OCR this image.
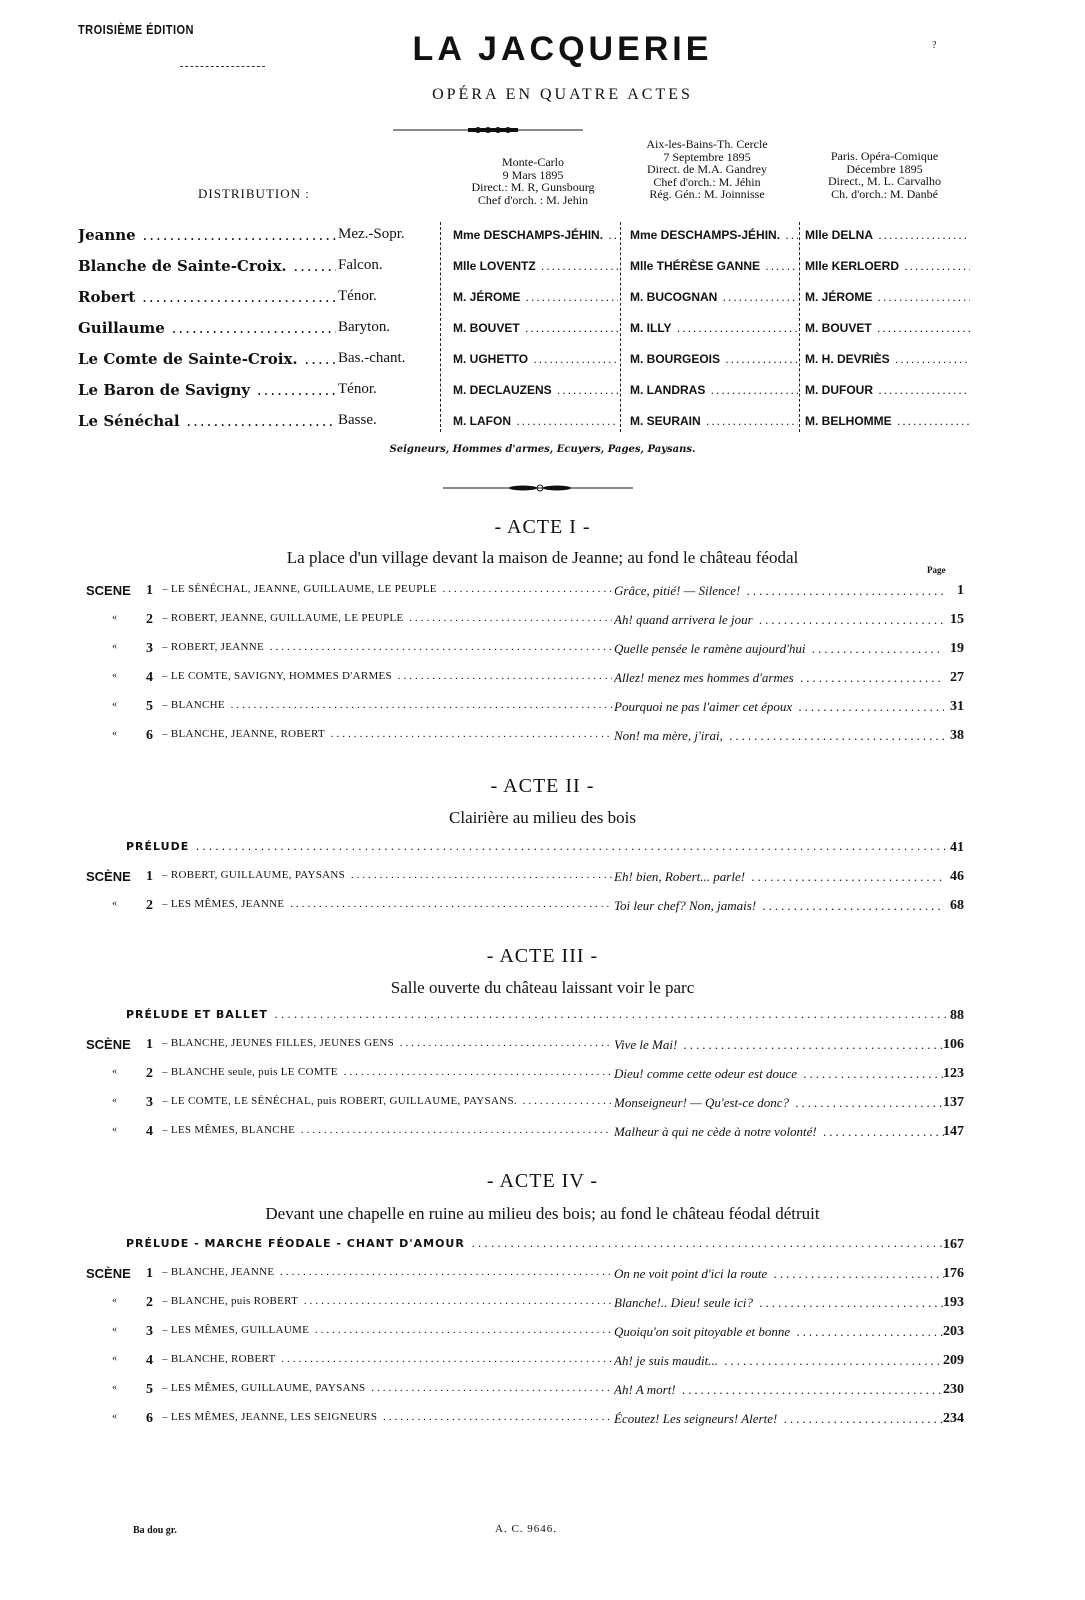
TROISIÈME ÉDITION
LA JACQUERIE	?
OPÉRA EN QUATRE ACTES
DISTRIBUTION :
Monte-Carlo
9 Mars 1895
Direct.: M. R, Gunsbourg
Chef d'orch. : M. Jehin
Aix-les-Bains-Th. Cercle
7 Septembre 1895
Direct. de M.A. Gandrey
Chef d'orch.: M. Jéhin
Rég. Gén.: M. Joinnisse
Paris. Opéra-Comique
Décembre 1895
Direct., M. L. Carvalho
Ch. d'orch.: M. Danbé
Jeanne .....	Mez.-Sopr.	Mme DESCHAMPS-JÉHIN. .....	Mme DESCHAMPS-JÉHIN. .....	Mlle DELNA .....
Blanche de Sainte-Croix. .....	Falcon.	Mlle LOVENTZ .....	Mlle THÉRÈSE GANNE .....	Mlle KERLOERD .....
Robert .....	Ténor.	M. JÉROME .....	M. BUCOGNAN .....	M. JÉROME .....
Guillaume .....	Baryton.	M. BOUVET .....	M. ILLY .....	M. BOUVET .....
Le Comte de Sainte-Croix. .....	Bas.-chant.	M. UGHETTO .....	M. BOURGEOIS .....	M. H. DEVRIÈS .....
Le Baron de Savigny .....	Ténor.	M. DECLAUZENS .....	M. LANDRAS .....	M. DUFOUR .....
Le Sénéchal .....	Basse.	M. LAFON .....	M. SEURAIN .....	M. BELHOMME .....
Seigneurs, Hommes d'armes, Ecuyers, Pages, Paysans.
Page
- ACTE I -
La place d'un village devant la maison de Jeanne; au fond le château féodal
SCENE 1 – LE SÉNÉCHAL, JEANNE, GUILLAUME, LE PEUPLE .....	Grâce, pitié! — Silence! .....	1
« 2 – ROBERT, JEANNE, GUILLAUME, LE PEUPLE .....	Ah! quand arrivera le jour .....	15
« 3 – ROBERT, JEANNE .....	Quelle pensée le ramène aujourd'hui .....	19
« 4 – LE COMTE, SAVIGNY, HOMMES D'ARMES .....	Allez! menez mes hommes d'armes .....	27
« 5 – BLANCHE .....	Pourquoi ne pas l'aimer cet époux .....	31
« 6 – BLANCHE, JEANNE, ROBERT .....	Non! ma mère, j'irai, .....	38
- ACTE II -
Clairière au milieu des bois
PRÉLUDE .....	41
SCÈNE 1 – ROBERT, GUILLAUME, PAYSANS .....	Eh! bien, Robert... parle! .....	46
« 2 – LES MÊMES, JEANNE .....	Toi leur chef? Non, jamais! .....	68
- ACTE III -
Salle ouverte du château laissant voir le parc
PRÉLUDE ET BALLET .....	88
SCÈNE 1 – BLANCHE, JEUNES FILLES, JEUNES GENS .....	Vive le Mai! .....	106
« 2 – BLANCHE seule, puis LE COMTE .....	Dieu! comme cette odeur est douce .....	123
« 3 – LE COMTE, LE SÉNÉCHAL, puis ROBERT, GUILLAUME, PAYSANS. .....	Monseigneur! — Qu'est-ce donc? .....	137
« 4 – LES MÊMES, BLANCHE .....	Malheur à qui ne cède à notre volonté! .....	147
- ACTE IV -
Devant une chapelle en ruine au milieu des bois; au fond le château féodal détruit
PRÉLUDE - MARCHE FÉODALE - CHANT D'AMOUR .....	167
SCÈNE 1 – BLANCHE, JEANNE .....	On ne voit point d'ici la route .....	176
« 2 – BLANCHE, puis ROBERT .....	Blanche!.. Dieu! seule ici? .....	193
« 3 – LES MÊMES, GUILLAUME .....	Quoiqu'on soit pitoyable et bonne .....	203
« 4 – BLANCHE, ROBERT .....	Ah! je suis maudit... .....	209
« 5 – LES MÊMES, GUILLAUME, PAYSANS .....	Ah! A mort! .....	230
« 6 – LES MÊMES, JEANNE, LES SEIGNEURS .....	Écoutez! Les seigneurs! Alerte! .....	234
Ba dou gr.	A. C. 9646.
